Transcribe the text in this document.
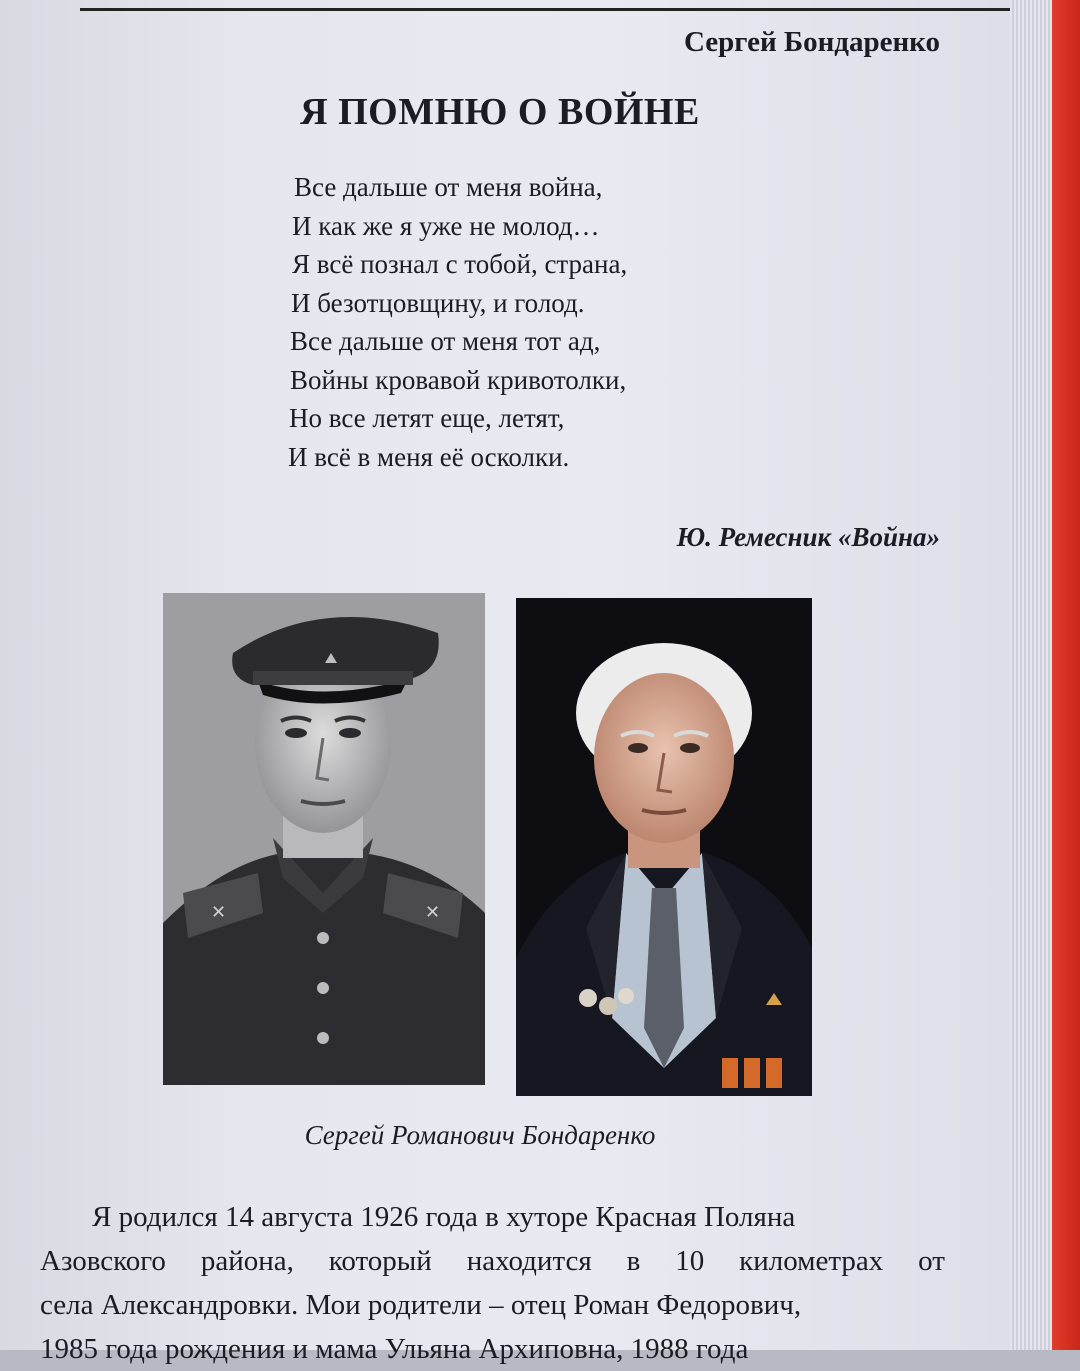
Сергей Бондаренко
Я ПОМНЮ О ВОЙНЕ
Все дальше от меня война,
И как же я уже не молод…
Я всё познал с тобой, страна,
И безотцовщину, и голод.
Все дальше от меня тот ад,
Войны кровавой кривотолки,
Но все летят еще, летят,
И всё в меня её осколки.
Ю. Ремесник «Война»
✕	✕
Сергей Романович Бондаренко
Я родился 14 августа 1926 года в хуторе Красная Поляна
Азовского района, который находится в 10 километрах от
села Александровки. Мои родители – отец Роман Федорович,
1985 года рождения и мама Ульяна Архиповна, 1988 года
